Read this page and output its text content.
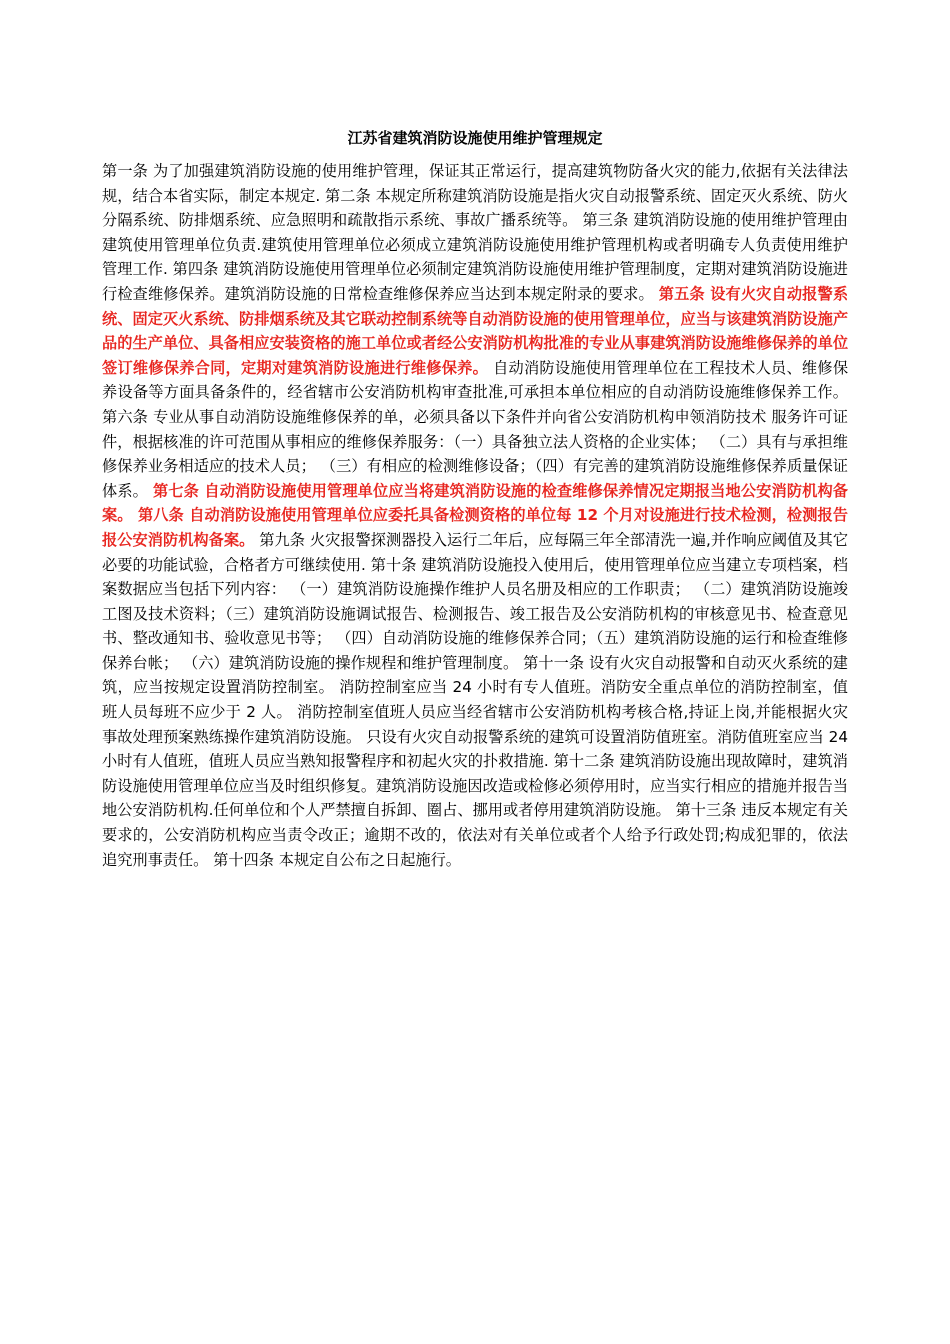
江苏省建筑消防设施使用维护管理规定

第一条 为了加强建筑消防设施的使用维护管理，保证其正常运行，提高建筑物防备火灾的能力,依据有关法律法规，结合本省实际，制定本规定. 第二条 本规定所称建筑消防设施是指火灾自动报警系统、固定灭火系统、防火分隔系统、防排烟系统、应急照明和疏散指示系统、事故广播系统等。 第三条 建筑消防设施的使用维护管理由建筑使用管理单位负责.建筑使用管理单位必须成立建筑消防设施使用维护管理机构或者明确专人负责使用维护管理工作. 第四条 建筑消防设施使用管理单位必须制定建筑消防设施使用维护管理制度，定期对建筑消防设施进行检查维修保养。建筑消防设施的日常检查维修保养应当达到本规定附录的要求。 第五条 设有火灾自动报警系统、固定灭火系统、防排烟系统及其它联动控制系统等自动消防设施的使用管理单位，应当与该建筑消防设施产品的生产单位、具备相应安装资格的施工单位或者经公安消防机构批准的专业从事建筑消防设施维修保养的单位签订维修保养合同，定期对建筑消防设施进行维修保养。 自动消防设施使用管理单位在工程技术人员、维修保养设备等方面具备条件的，经省辖市公安消防机构审查批准,可承担本单位相应的自动消防设施维修保养工作。 第六条 专业从事自动消防设施维修保养的单，必须具备以下条件并向省公安消防机构申领消防技术 服务许可证件，根据核准的许可范围从事相应的维修保养服务：（一）具备独立法人资格的企业实体； （二）具有与承担维修保养业务相适应的技术人员； （三）有相应的检测维修设备；（四）有完善的建筑消防设施维修保养质量保证体系。 第七条 自动消防设施使用管理单位应当将建筑消防设施的检查维修保养情况定期报当地公安消防机构备案。 第八条 自动消防设施使用管理单位应委托具备检测资格的单位每 12 个月对设施进行技术检测，检测报告报公安消防机构备案。 第九条 火灾报警探测器投入运行二年后，应每隔三年全部清洗一遍,并作响应阈值及其它必要的功能试验，合格者方可继续使用. 第十条 建筑消防设施投入使用后，使用管理单位应当建立专项档案，档案数据应当包括下列内容： （一）建筑消防设施操作维护人员名册及相应的工作职责； （二）建筑消防设施竣工图及技术资料；（三）建筑消防设施调试报告、检测报告、竣工报告及公安消防机构的审核意见书、检查意见书、整改通知书、验收意见书等； （四）自动消防设施的维修保养合同；（五）建筑消防设施的运行和检查维修保养台帐； （六）建筑消防设施的操作规程和维护管理制度。 第十一条 设有火灾自动报警和自动灭火系统的建筑，应当按规定设置消防控制室。 消防控制室应当 24 小时有专人值班。消防安全重点单位的消防控制室，值班人员每班不应少于 2 人。 消防控制室值班人员应当经省辖市公安消防机构考核合格,持证上岗,并能根据火灾事故处理预案熟练操作建筑消防设施。 只设有火灾自动报警系统的建筑可设置消防值班室。消防值班室应当 24 小时有人值班，值班人员应当熟知报警程序和初起火灾的扑救措施. 第十二条 建筑消防设施出现故障时，建筑消防设施使用管理单位应当及时组织修复。建筑消防设施因改造或检修必须停用时，应当实行相应的措施并报告当地公安消防机构.任何单位和个人严禁擅自拆卸、圈占、挪用或者停用建筑消防设施。 第十三条 违反本规定有关要求的，公安消防机构应当责令改正；逾期不改的，依法对有关单位或者个人给予行政处罚;构成犯罪的，依法追究刑事责任。 第十四条 本规定自公布之日起施行。
